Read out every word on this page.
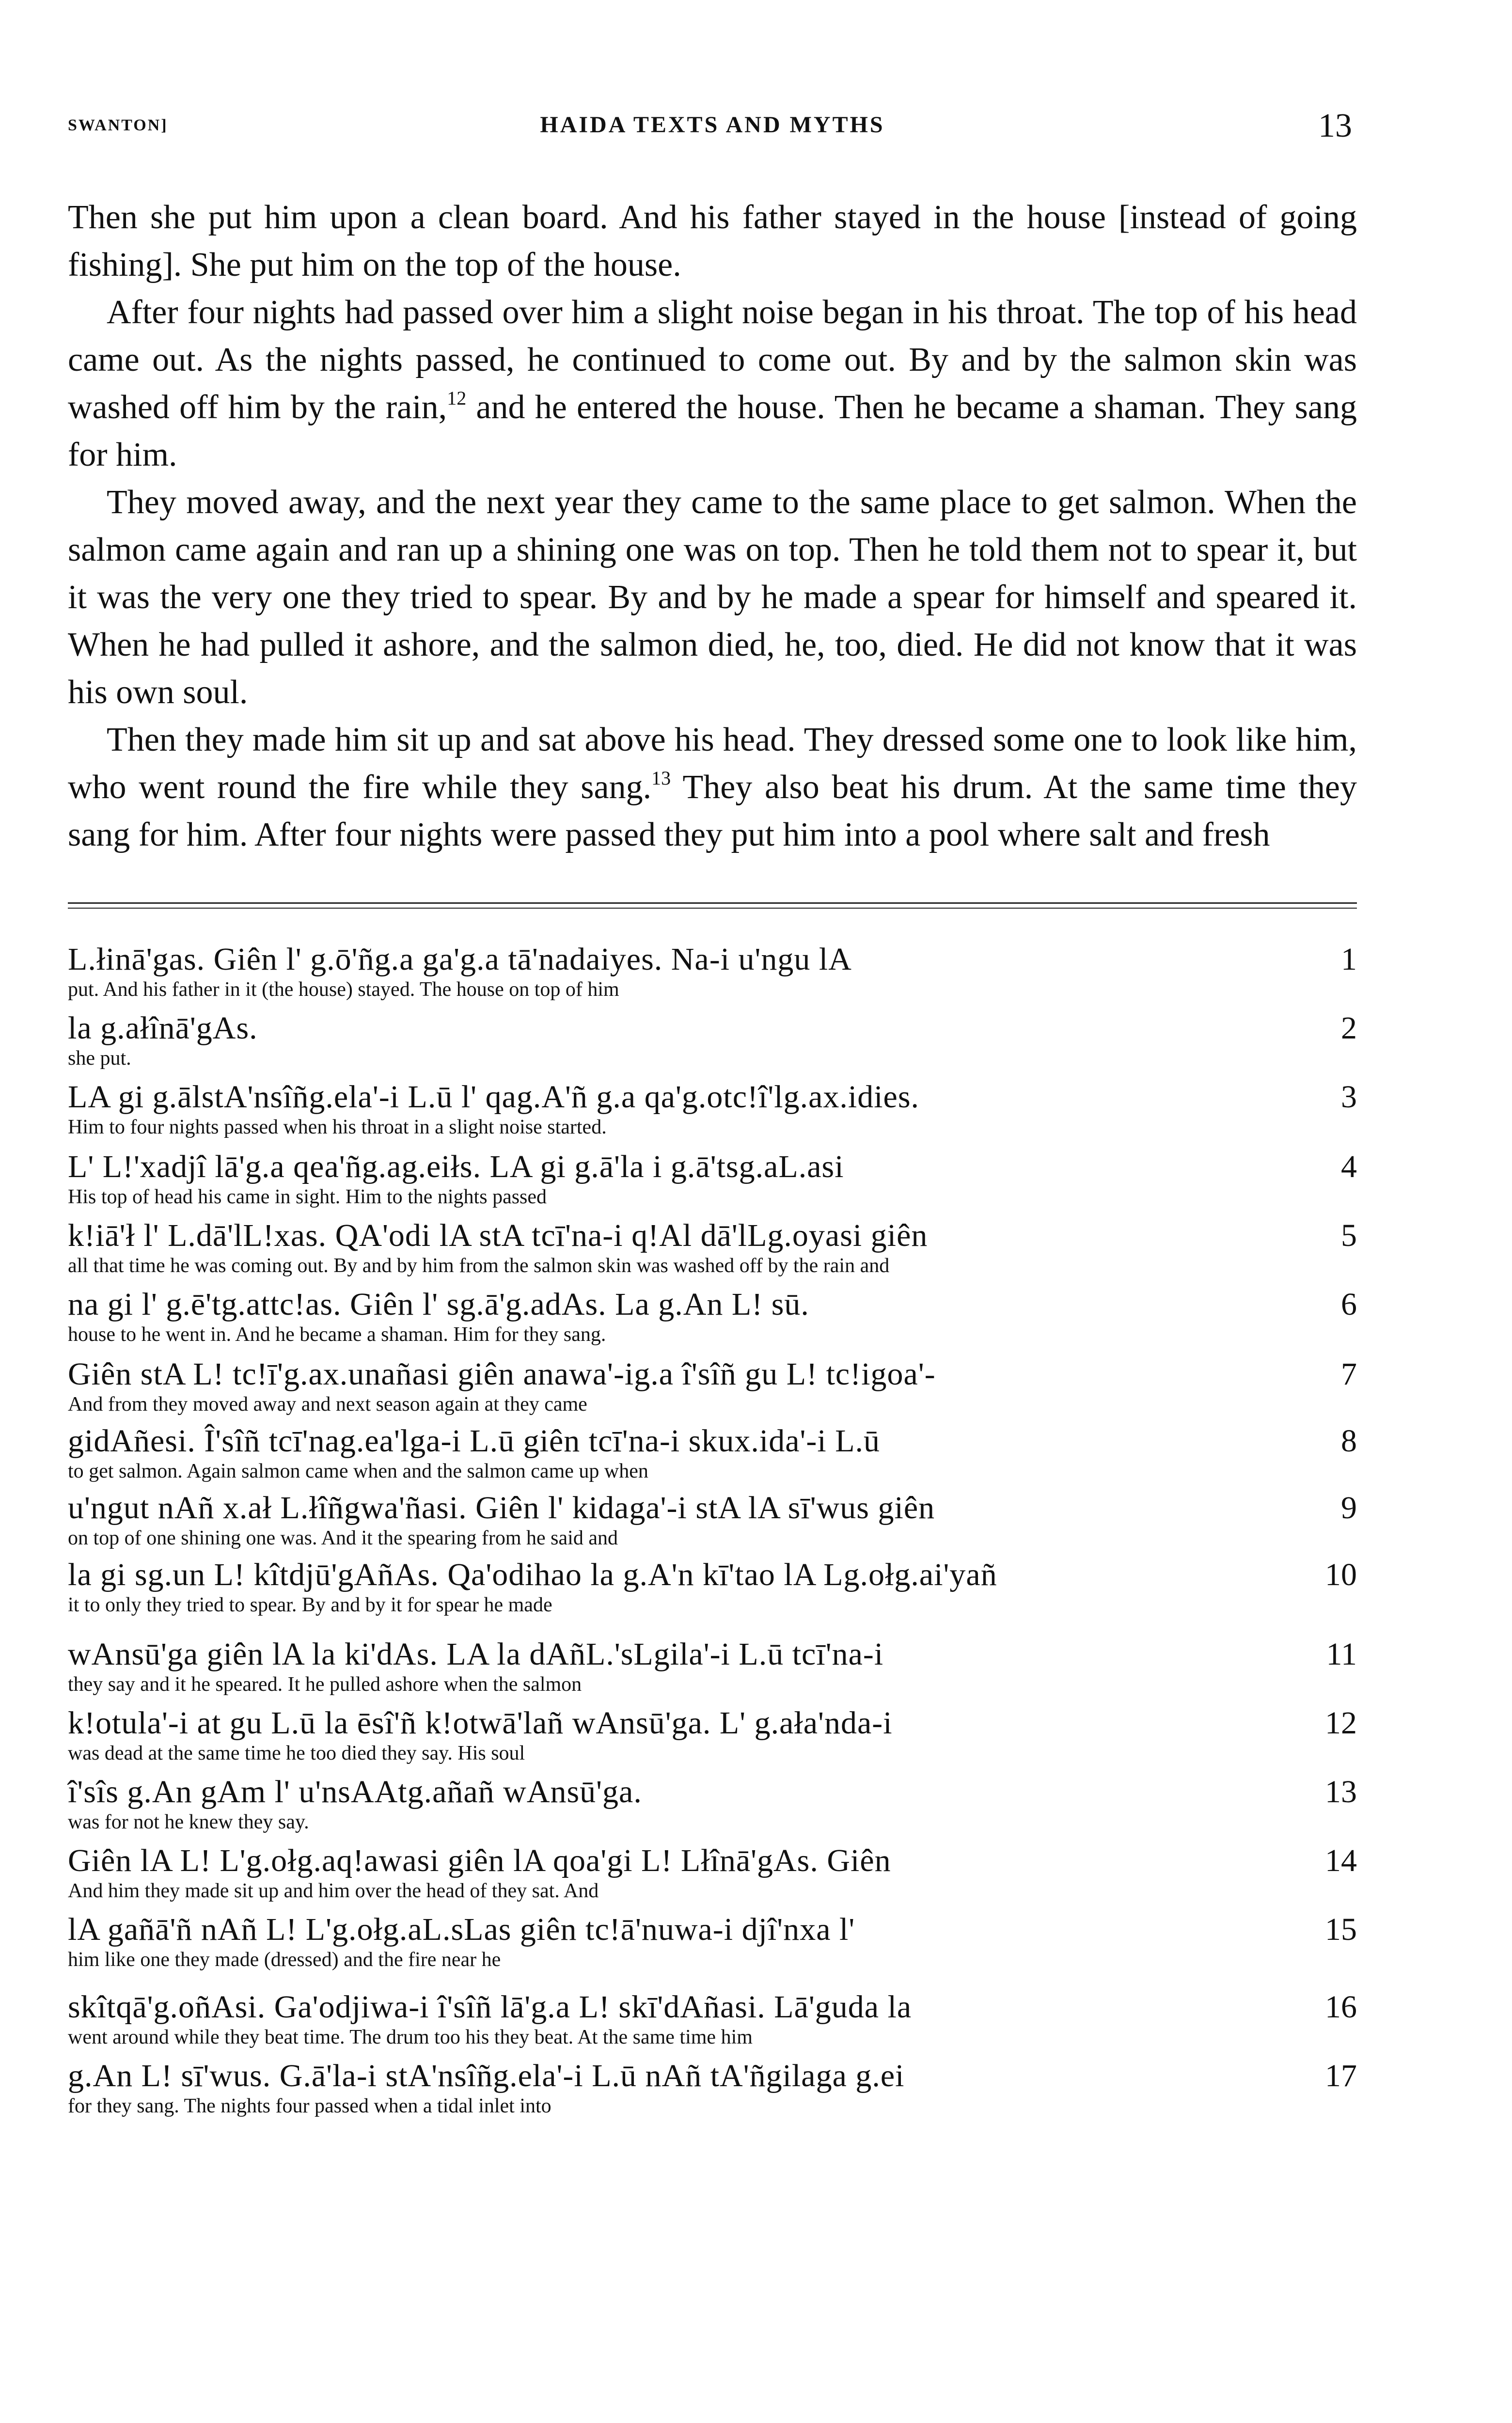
SWANTON]	HAIDA TEXTS AND MYTHS	13

Then she put him upon a clean board. And his father stayed in the house [instead of going fishing]. She put him on the top of the house.

After four nights had passed over him a slight noise began in his throat. The top of his head came out. As the nights passed, he continued to come out. By and by the salmon skin was washed off him by the rain,$^{12}$ and he entered the house. Then he became a shaman. They sang for him.

They moved away, and the next year they came to the same place to get salmon. When the salmon came again and ran up a shining one was on top. Then he told them not to spear it, but it was the very one they tried to spear. By and by he made a spear for himself and speared it. When he had pulled it ashore, and the salmon died, he, too, died. He did not know that it was his own soul.

Then they made him sit up and sat above his head. They dressed some one to look like him, who went round the fire while they sang.$^{13}$ They also beat his drum. At the same time they sang for him. After four nights were passed they put him into a pool where salt and fresh

L.łinā'gas. Giên l' g.ō'ñg.a ga'g.a tā'nadaiyes. Na-i u'ngu lA
put. And his father in it (the house) stayed. The house on top of him
1
la g.ałînā'gAs.
she put.
2
LA gi g.ālstA'nsîñg.ela'-i L.ū l' qag.A'ñ g.a qa'g.otc!î'lg.ax.idies.
Him to four nights passed when his throat in a slight noise started.
3
L' L!'xadjî lā'g.a qea'ñg.ag.eiłs. LA gi g.ā'la i g.ā'tsg.aL.asi
His top of head his came in sight. Him to the nights passed
4
k!iā'ł l' L.dā'lL!xas. QA'odi lA stA tcī'na-i q!Al dā'lLg.oyasi giên
all that time he was coming out. By and by him from the salmon skin was washed off by the rain and
5
na gi l' g.ē'tg.attc!as. Giên l' sg.ā'g.adAs. La g.An L! sū.
house to he went in. And he became a shaman. Him for they sang.
6
Giên stA L! tc!ī'g.ax.unañasi giên anawa'-ig.a î'sîñ gu L! tc!igoa'-
And from they moved away and next season again at they came
7
gidAñesi. Î'sîñ tcī'nag.ea'lga-i L.ū giên tcī'na-i skux.ida'-i L.ū
to get salmon. Again salmon came when and the salmon came up when
8
u'ngut nAñ x.ał L.łîñgwa'ñasi. Giên l' kidaga'-i stA lA sī'wus giên
on top of one shining one was. And it the spearing from he said and
9
la gi sg.un L! kîtdjū'gAñAs. Qa'odihao la g.A'n kī'tao lA Lg.ołg.ai'yañ
it to only they tried to spear. By and by it for spear he made
10
wAnsū'ga giên lA la ki'dAs. LA la dAñL.'sLgila'-i L.ū tcī'na-i
they say and it he speared. It he pulled ashore when the salmon
11
k!otula'-i at gu L.ū la ēsî'ñ k!otwā'lañ wAnsū'ga. L' g.ała'nda-i
was dead at the same time he too died they say. His soul
12
î'sîs g.An gAm l' u'nsAAtg.añañ wAnsū'ga.
was for not he knew they say.
13
Giên lA L! L'g.ołg.aq!awasi giên lA qoa'gi L! Lłînā'gAs. Giên
And him they made sit up and him over the head of they sat. And
14
lA gañā'ñ nAñ L! L'g.ołg.aL.sLas giên tc!ā'nuwa-i djî'nxa l'
him like one they made (dressed) and the fire near he
15
skîtqā'g.oñAsi. Ga'odjiwa-i î'sîñ lā'g.a L! skī'dAñasi. Lā'guda la
went around while they beat time. The drum too his they beat. At the same time him
16
g.An L! sī'wus. G.ā'la-i stA'nsîñg.ela'-i L.ū nAñ tA'ñgilaga g.ei
for they sang. The nights four passed when a tidal inlet into
17
